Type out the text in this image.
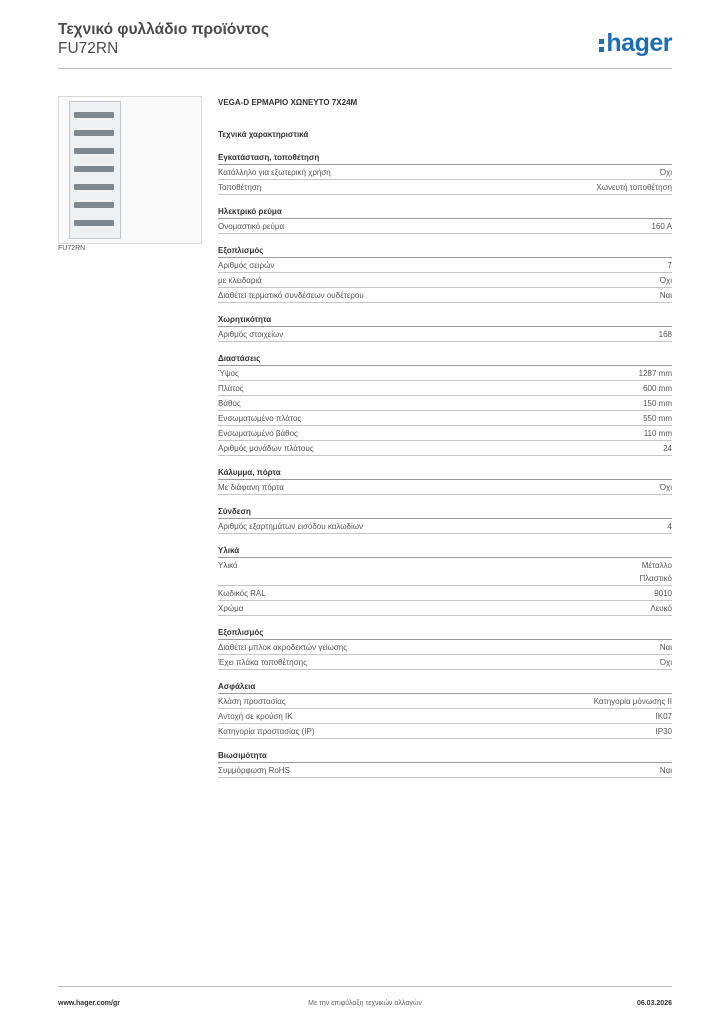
Τεχνικό φυλλάδιο προϊόντος
FU72RN	hager
FU72RN
VEGA-D ΕΡΜΑΡΙΟ ΧΩΝΕΥΤΟ 7X24M
Τεχνικά χαρακτηριστικά
Εγκατάσταση, τοποθέτηση
Κατάλληλο για εξωτερική χρήση	Όχι
Τοποθέτηση	Χωνευτή τοποθέτηση
Ηλεκτρικό ρεύμα
Ονομαστικό ρεύμα	160 A
Εξοπλισμός
Αριθμός σειρών	7
με κλειδαριά	Όχι
Διαθέτει τερματικό συνδέσεων ουδέτερου	Ναι
Χωρητικότητα
Αριθμός στοιχείων	168
Διαστάσεις
Ύψος	1287 mm
Πλάτος	600 mm
Βάθος	150 mm
Ενσωματωμένο πλάτος	550 mm
Ενσωματωμένο βάθος	110 mm
Αριθμός μονάδων πλάτους	24
Κάλυμμα, πόρτα
Με διάφανη πόρτα	Όχι
Σύνδεση
Αριθμός εξαρτημάτων εισόδου καλωδίων	4
Υλικά
Υλικό	Μέταλλο
Πλαστικό
Κωδικός RAL	9010
Χρώμα	Λευκό
Εξοπλισμός
Διαθέτει μπλοκ ακροδεκτών γείωσης	Ναι
Έχει πλάκα τοποθέτησης	Όχι
Ασφάλεια
Κλάση προστασίας	Κατηγορία μόνωσης II
Αντοχή σε κρούση IK	IK07
Κατηγορία προστασίας (IP)	IP30
Βιωσιμότητα
Συμμόρφωση RoHS	Ναι
www.hager.com/gr	Με την επιφύλαξη τεχνικών αλλαγών	06.03.2026
